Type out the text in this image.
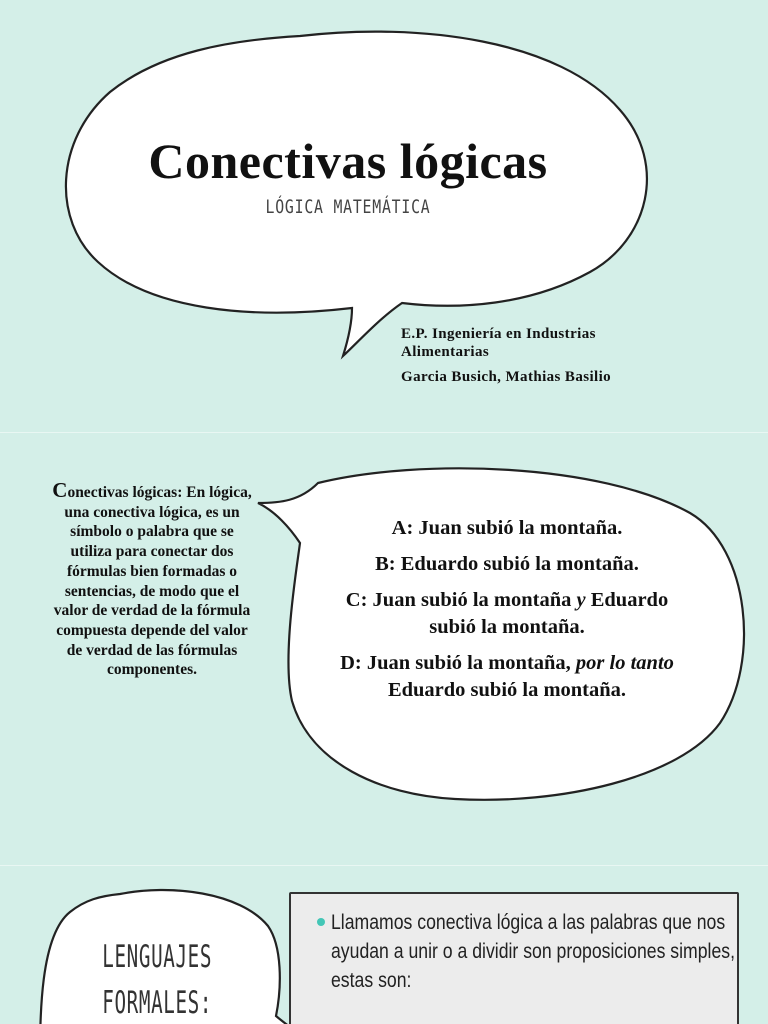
Conectivas lógicas
LÓGICA MATEMÁTICA
E.P. Ingeniería en Industrias
Alimentarias
Garcia Busich, Mathias Basilio
Conectivas lógicas: En lógica, una conectiva lógica, es un símbolo o palabra que se utiliza para conectar dos fórmulas bien formadas o sentencias, de modo que el valor de verdad de la fórmula compuesta depende del valor de verdad de las fórmulas componentes.

A: Juan subió la montaña.

B: Eduardo subió la montaña.

C: Juan subió la montaña y Eduardo subió la montaña.

D: Juan subió la montaña, por lo tanto Eduardo subió la montaña.

LENGUAJES
FORMALES:
Llamamos conectiva lógica a las palabras que nos ayudan a unir o a dividir son proposiciones simples, estas son:
